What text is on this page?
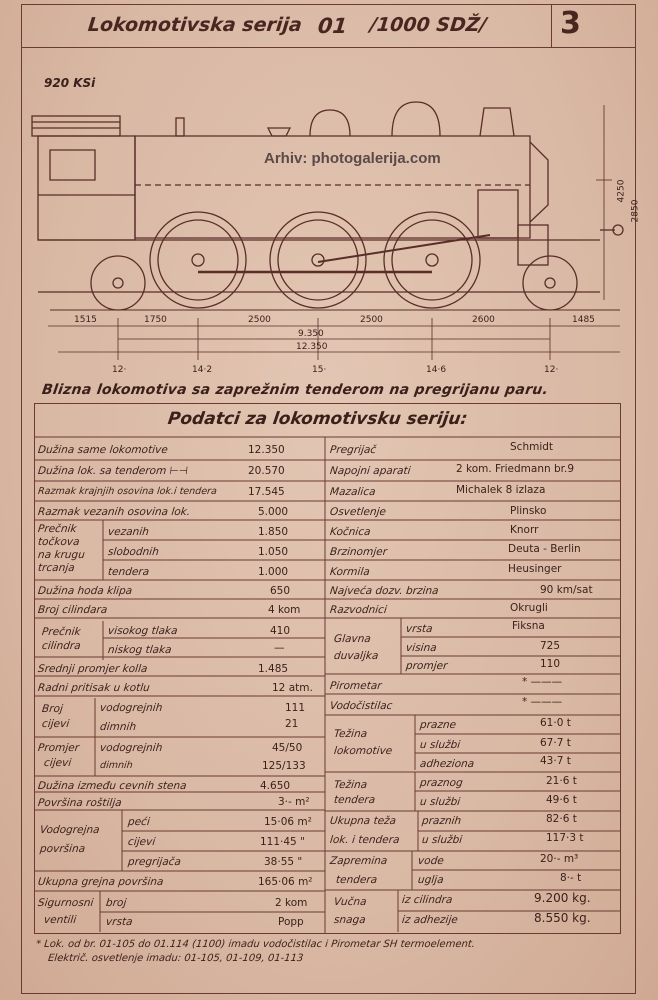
Lokomotivska serija 01 /1000 SDŽ/ 3
920 KSi
Arhiv: photogalerija.com
1515	1750	2500	2500	2600	1485
9.350
12.350
4250
2850
12·	14·2	15·	14·6	12·
Blizna lokomotiva sa zaprežnim tenderom na pregrijanu paru.
Podatci za lokomotivsku seriju:
Dužina same lokomotive	12.350
Dužina lok. sa tenderom ⊢⊣	20.570
Razmak krajnjih osovina lok.i tendera	17.545
Razmak vezanih osovina lok.	5.000
Prečnik
točkova
na krugu
trcanja
vezanih	1.850
slobodnih	1.050
tendera	1.000
Dužina hoda klipa	650
Broj cilindara	4 kom
Prečnik
cilindra
visokog tlaka	410
niskog tlaka	—
Srednji promjer kolla	1.485
Radni pritisak u kotlu	12 atm.
Broj
cijevi
vodogrejnih	111
dimnih	21
Promjer
cijevi
vodogrejnih	45/50
dimnih	125/133
Dužina između cevnih stena	4.650
Površina roštilja	3·- m²
Vodogrejna
površina
peći	15·06 m²
cijevi	111·45 "
pregrijača	38·55 "
Ukupna grejna površina	165·06 m²
Sigurnosni
ventili
broj	2 kom
vrsta	Popp
Pregrijač	Schmidt
Napojni aparati	2 kom. Friedmann br.9
Mazalica	Michalek 8 izlaza
Osvetlenje	Plinsko
Kočnica	Knorr
Brzinomjer	Deuta - Berlin
Kormila	Heusinger
Najveća dozv. brzina	90 km/sat
Razvodnici	Okrugli
Glavna
duvaljka
vrsta	Fiksna
visina	725
promjer	110
Pirometar	* ———
Vodočistilac	* ———
Težina
lokomotive
prazne	61·0 t
u službi	67·7 t
adheziona	43·7 t
Težina
tendera
praznog	21·6 t
u službi	49·6 t
Ukupna teža
lok. i tendera
praznih	82·6 t
u službi	117·3 t
Zapremina
tendera
vode	20·- m³
uglja	8·- t
Vučna
snaga
iz cilindra	9.200 kg.
iz adhezije	8.550 kg.
* Lok. od br. 01-105 do 01.114 (1100) imadu vodočistilac i Pirometar SH termoelement.
Električ. osvetlenje imadu: 01-105, 01-109, 01-113
